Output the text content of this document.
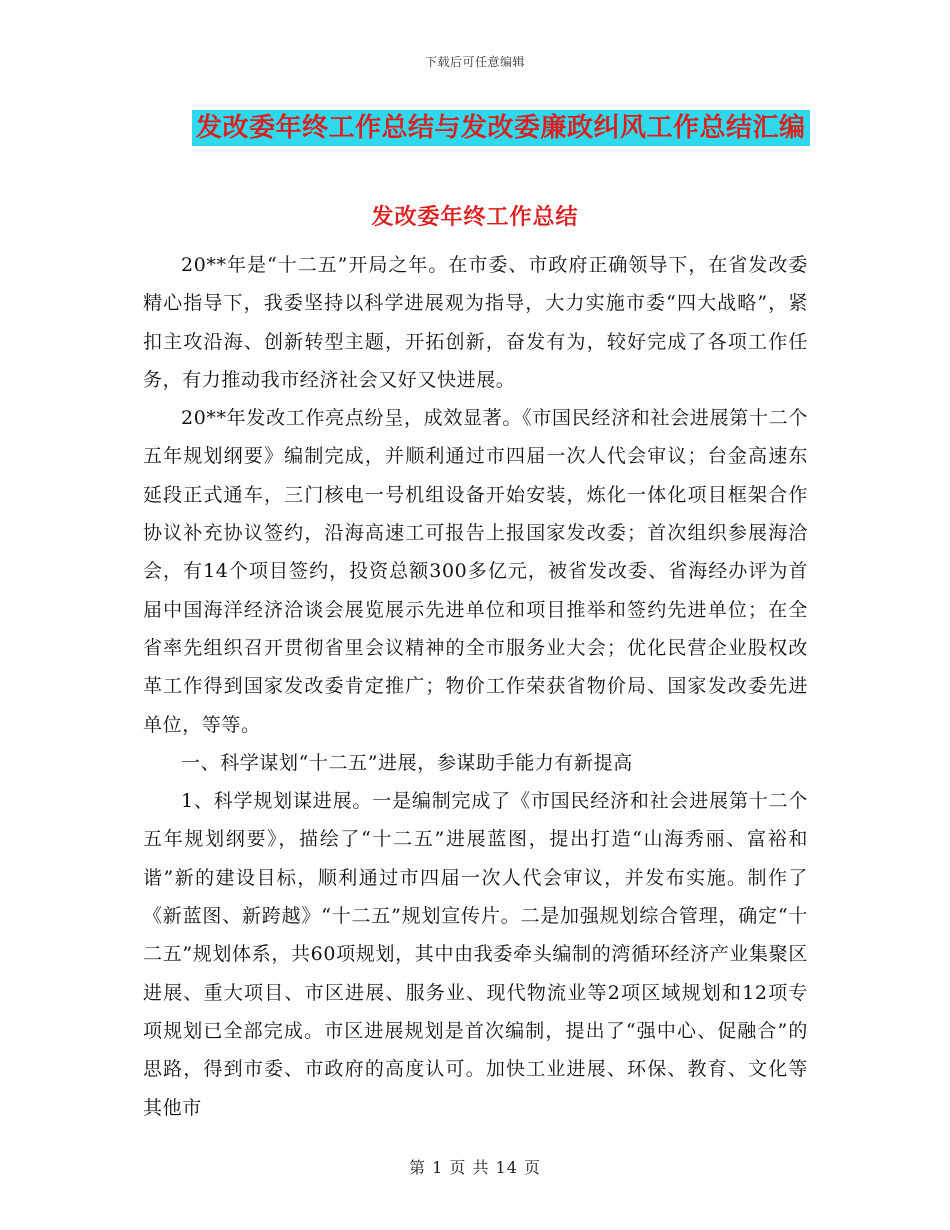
下载后可任意编辑
发改委年终工作总结与发改委廉政纠风工作总结汇编
发改委年终工作总结

20**年是“十二五”开局之年。在市委、市政府正确领导下，在省发改委精心指导下，我委坚持以科学进展观为指导，大力实施市委“四大战略”，紧扣主攻沿海、创新转型主题，开拓创新，奋发有为，较好完成了各项工作任务，有力推动我市经济社会又好又快进展。

20**年发改工作亮点纷呈，成效显著。《市国民经济和社会进展第十二个五年规划纲要》编制完成，并顺利通过市四届一次人代会审议；台金高速东延段正式通车，三门核电一号机组设备开始安装，炼化一体化项目框架合作协议补充协议签约，沿海高速工可报告上报国家发改委；首次组织参展海洽会，有14个项目签约，投资总额300多亿元，被省发改委、省海经办评为首届中国海洋经济洽谈会展览展示先进单位和项目推举和签约先进单位；在全省率先组织召开贯彻省里会议精神的全市服务业大会；优化民营企业股权改革工作得到国家发改委肯定推广；物价工作荣获省物价局、国家发改委先进单位，等等。

一、科学谋划“十二五”进展，参谋助手能力有新提高

1、科学规划谋进展。一是编制完成了《市国民经济和社会进展第十二个五年规划纲要》，描绘了“十二五”进展蓝图，提出打造“山海秀丽、富裕和谐”新的建设目标，顺利通过市四届一次人代会审议，并发布实施。制作了《新蓝图、新跨越》“十二五”规划宣传片。二是加强规划综合管理，确定“十二五”规划体系，共60项规划，其中由我委牵头编制的湾循环经济产业集聚区进展、重大项目、市区进展、服务业、现代物流业等2项区域规划和12项专项规划已全部完成。市区进展规划是首次编制，提出了“强中心、促融合”的思路，得到市委、市政府的高度认可。加快工业进展、环保、教育、文化等其他市

第 1 页 共 14 页
